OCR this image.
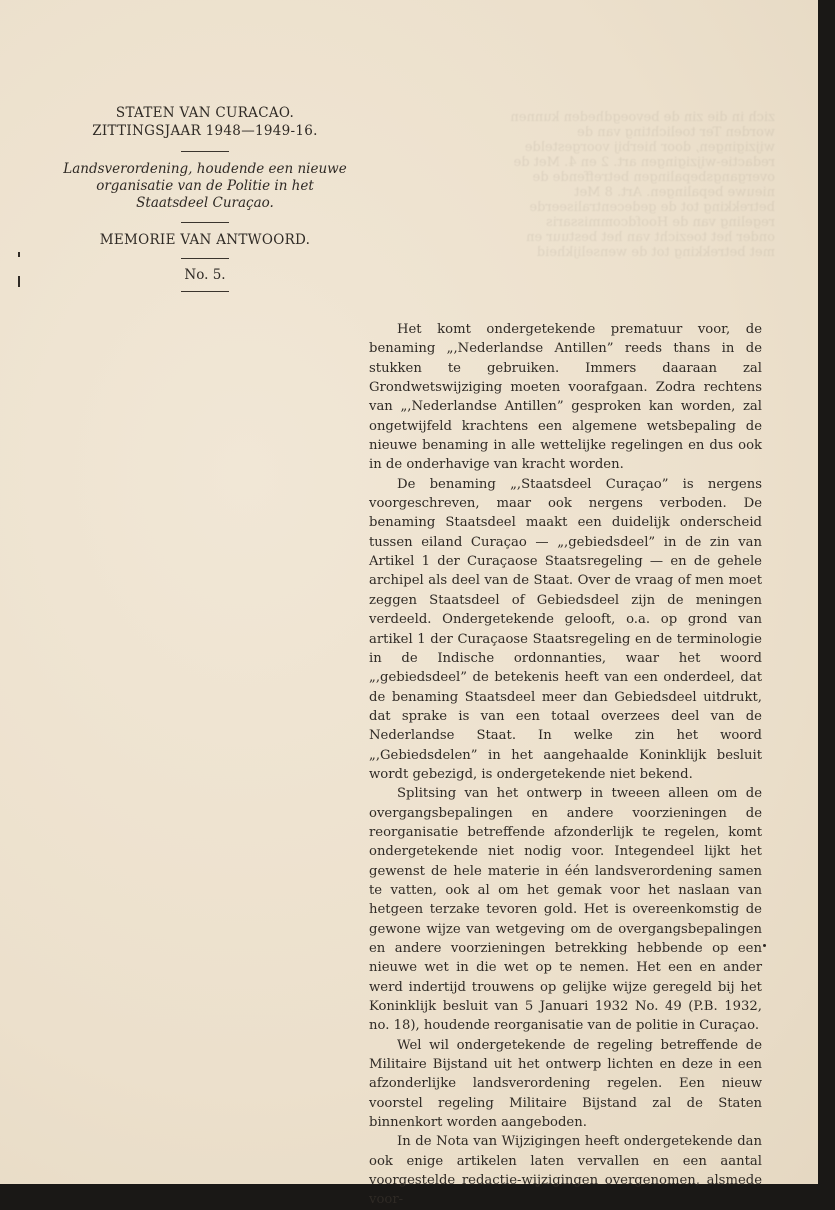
zich in die zin de bevoegdheden kunnen worden Ter toelichting van de wijzigingen, door hierbij voorgestelde redactie-wijzigingen art. 2 en 4. Met de overgangsbepalingen betreffende de nieuwe bepalingen. Art. 8 Met betrekking tot de gedecentraliseerde regeling van de Hoofdcommissaris onder het toezicht van het bestuur en met betrekking tot de wenselijkheid
STATEN VAN CURACAO.
ZITTINGSJAAR 1948—1949-16.
Landsverordening, houdende een nieuwe organisatie van de Politie in het Staatsdeel Curaçao.
MEMORIE VAN ANTWOORD.
No. 5.

Het komt ondergetekende prematuur voor, de benaming „,Nederlandse Antillen” reeds thans in de stukken te gebruiken. Immers daaraan zal Grondwetswijziging moeten voorafgaan. Zodra rechtens van „,Nederlandse Antillen” gesproken kan worden, zal ongetwijfeld krachtens een algemene wetsbepaling de nieuwe benaming in alle wettelijke regelingen en dus ook in de onderhavige van kracht worden.

De benaming „,Staatsdeel Curaçao” is nergens voorgeschreven, maar ook nergens verboden. De benaming Staatsdeel maakt een duidelijk onderscheid tussen eiland Curaçao — „,gebiedsdeel” in de zin van Artikel 1 der Curaçaose Staatsregeling — en de gehele archipel als deel van de Staat. Over de vraag of men moet zeggen Staatsdeel of Gebiedsdeel zijn de meningen verdeeld. Ondergetekende gelooft, o.a. op grond van artikel 1 der Curaçaose Staatsregeling en de terminologie in de Indische ordonnanties, waar het woord „,gebiedsdeel” de betekenis heeft van een onderdeel, dat de benaming Staatsdeel meer dan Gebiedsdeel uitdrukt, dat sprake is van een totaal overzees deel van de Nederlandse Staat. In welke zin het woord „,Gebiedsdelen” in het aangehaalde Koninklijk besluit wordt gebezigd, is ondergetekende niet bekend.

Splitsing van het ontwerp in tweeen alleen om de overgangsbepalingen en andere voorzieningen de reorganisatie betreffende afzonderlijk te regelen, komt ondergetekende niet nodig voor. Integendeel lijkt het gewenst de hele materie in één landsverordening samen te vatten, ook al om het gemak voor het naslaan van hetgeen terzake tevoren gold. Het is overeenkomstig de gewone wijze van wetgeving om de overgangsbepalingen en andere voorzieningen betrekking hebbende op een nieuwe wet in die wet op te nemen. Het een en ander werd indertijd trouwens op gelijke wijze geregeld bij het Koninklijk besluit van 5 Januari 1932 No. 49 (P.B. 1932, no. 18), houdende reorganisatie van de politie in Curaçao.

Wel wil ondergetekende de regeling betreffende de Militaire Bijstand uit het ontwerp lichten en deze in een afzonderlijke landsverordening regelen. Een nieuw voorstel regeling Militaire Bijstand zal de Staten binnenkort worden aangeboden.

In de Nota van Wijzigingen heeft ondergetekende dan ook enige artikelen laten vervallen en een aantal voorgestelde redactie-wijzigingen overgenomen, alsmede voor-
